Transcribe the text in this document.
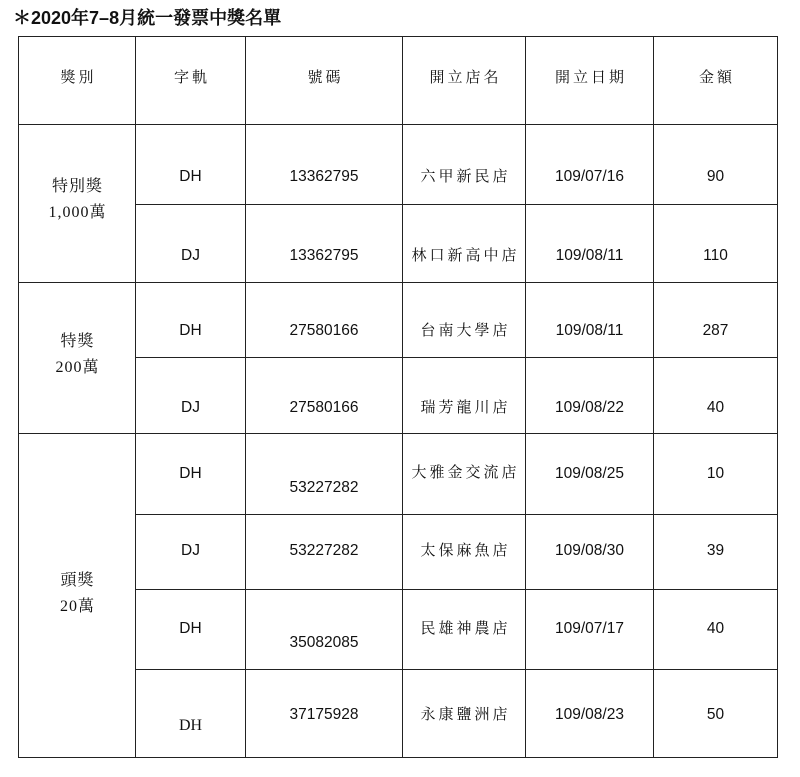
＊2020年7–8月統一發票中獎名單
獎別	字軌	號碼	開立店名	開立日期	金額

特別獎
1,000萬	DH	13362795	六甲新民店	109/07/16	90
	DJ	13362795	林口新高中店	109/08/11	110

特獎
200萬	DH	27580166	台南大學店	109/08/11	287
	DJ	27580166	瑞芳龍川店	109/08/22	40

頭獎
20萬	DH	53227282	大雅金交流店	109/08/25	10
	DJ	53227282	太保麻魚店	109/08/30	39
	DH	35082085	民雄神農店	109/07/17	40
	DH	37175928	永康鹽洲店	109/08/23	50
